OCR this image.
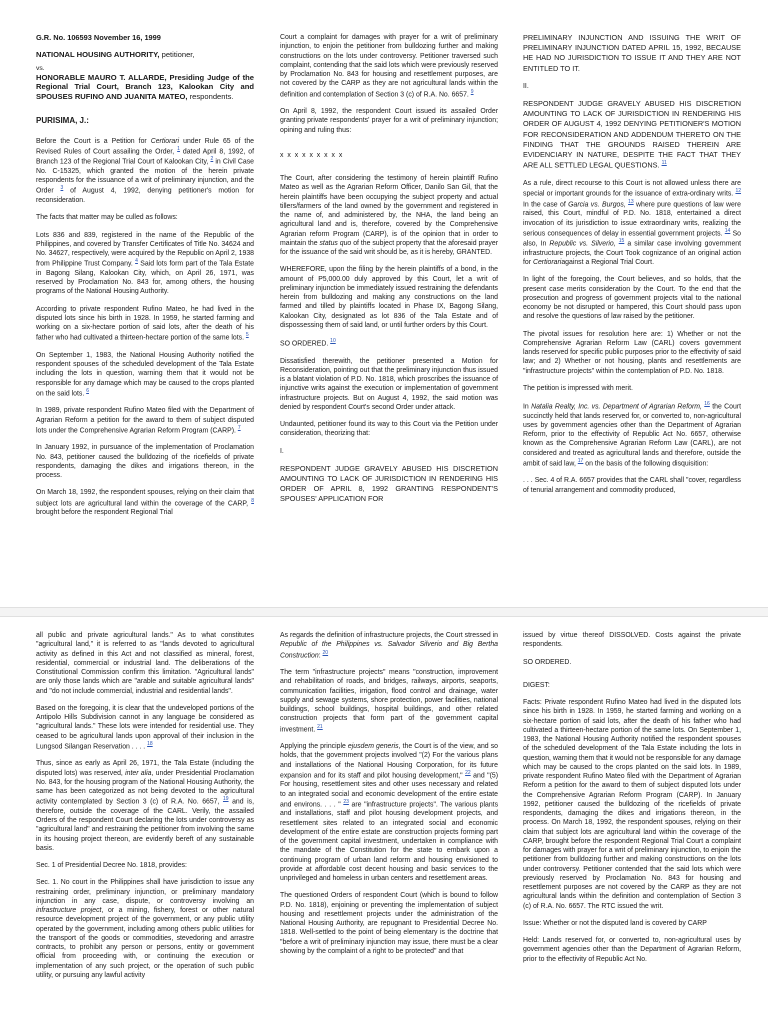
G.R. No. 106593 November 16, 1999

NATIONAL HOUSING AUTHORITY, petitioner,

vs.

HONORABLE MAURO T. ALLARDE, Presiding Judge of the Regional Trial Court, Branch 123, Kalookan City and SPOUSES RUFINO AND JUANITA MATEO, respondents.

PURISIMA, J.:

Before the Court is a Petition for Certiorari under Rule 65 of the Revised Rules of Court assailing the Order, $^1$ dated April 8, 1992, of Branch 123 of the Regional Trial Court of Kalookan City, $^2$ in Civil Case No. C-15325, which granted the motion of the herein private respondents for the issuance of a writ of preliminary injunction, and the Order $^3$ of August 4, 1992, denying petitioner's motion for reconsideration.

The facts that matter may be culled as follows:

Lots 836 and 839, registered in the name of the Republic of the Philippines, and covered by Transfer Certificates of Title No. 34624 and No. 34627, respectively, were acquired by the Republic on April 2, 1938 from Philippine Trust Company. $^4$ Said lots form part of the Tala Estate in Bagong Silang, Kalookan City, which, on April 26, 1971, was reserved by Proclamation No. 843 for, among others, the housing programs of the National Housing Authority.

According to private respondent Rufino Mateo, he had lived in the disputed lots since his birth in 1928. In 1959, he started farming and working on a six-hectare portion of said lots, after the death of his father who had cultivated a thirteen-hectare portion of the same lots. $^5$

On September 1, 1983, the National Housing Authority notified the respondent spouses of the scheduled development of the Tala Estate including the lots in question, warning them that it would not be responsible for any damage which may be caused to the crops planted on the said lots. $^6$

In 1989, private respondent Rufino Mateo filed with the Department of Agrarian Reform a petition for the award to them of subject disputed lots under the Comprehensive Agrarian Reform Program (CARP). $^7$

In January 1992, in pursuance of the implementation of Proclamation No. 843, petitioner caused the bulldozing of the ricefields of private respondents, damaging the dikes and irrigations thereon, in the process.

On March 18, 1992, the respondent spouses, relying on their claim that subject lots are agricultural land within the coverage of the CARP, $^8$ brought before the respondent Regional Trial

Court a complaint for damages with prayer for a writ of preliminary injunction, to enjoin the petitioner from bulldozing further and making constructions on the lots under controversy. Petitioner traversed such complaint, contending that the said lots which were previously reserved by Proclamation No. 843 for housing and resettlement purposes, are not covered by the CARP as they are not agricultural lands within the definition and contemplation of Section 3 (c) of R.A. No. 6657. $^9$

On April 8, 1992, the respondent Court issued its assailed Order granting private respondents' prayer for a writ of preliminary injunction; opining and ruling thus:

x x x x x x x x x

The Court, after considering the testimony of herein plaintiff Rufino Mateo as well as the Agrarian Reform Officer, Danilo San Gil, that the herein plaintiffs have been occupying the subject property and actual tillers/farmers of the land owned by the government and registered in the name of, and administered by, the NHA, the land being an agricultural land and is, therefore, covered by the Comprehensive Agrarian reform Program (CARP), is of the opinion that in order to maintain the status quo of the subject property that the aforesaid prayer for the issuance of the said writ should be, as it is hereby, GRANTED.

WHEREFORE, upon the filing by the herein plaintiffs of a bond, in the amount of P5,000.00 duly approved by this Court, let a writ of preliminary injunction be immediately issued restraining the defendants herein from bulldozing and making any constructions on the land farmed and tilled by plaintiffs located in Phase IX, Bagong Silang, Kalookan City, designated as lot 836 of the Tala Estate and of dispossessing them of said land, or until further orders by this Court.

SO ORDERED. $^{10}$

Dissatisfied therewith, the petitioner presented a Motion for Reconsideration, pointing out that the preliminary injunction thus issued is a blatant violation of P.D. No. 1818, which proscribes the issuance of injunctive writs against the execution or implementation of government infrastructure projects. But on August 4, 1992, the said motion was denied by respondent Court's second Order under attack.

Undaunted, petitioner found its way to this Court via the Petition under consideration, theorizing that:

I.

RESPONDENT JUDGE GRAVELY ABUSED HIS DISCRETION AMOUNTING TO LACK OF JURISDICTION IN RENDERING HIS ORDER OF APRIL 8, 1992 GRANTING RESPONDENT'S SPOUSES' APPLICATION FOR

PRELIMINARY INJUNCTION AND ISSUING THE WRIT OF PRELIMINARY INJUNCTION DATED APRIL 15, 1992, BECAUSE HE HAD NO JURISDICTION TO ISSUE IT AND THEY ARE NOT ENTITLED TO IT.

II.

RESPONDENT JUDGE GRAVELY ABUSED HIS DISCRETION AMOUNTING TO LACK OF JURISDICTION IN RENDERING HIS ORDER OF AUGUST 4, 1992 DENYING PETITIONER'S MOTION FOR RECONSIDERATION AND ADDENDUM THERETO ON THE FINDING THAT THE GROUNDS RAISED THEREIN ARE EVIDENCIARY IN NATURE, DESPITE THE FACT THAT THEY ARE ALL SETTLED LEGAL QUESTIONS. $^{11}$

As a rule, direct recourse to this Court is not allowed unless there are special or important grounds for the issuance of extra-ordinary writs. $^{12}$ In the case of Garcia vs. Burgos, $^{13}$ where pure questions of law were raised, this Court, mindful of P.D. No. 1818, entertained a direct invocation of its jurisdiction to issue extraordinary writs, realizing the serious consequences of delay in essential government projects. $^{14}$ So also, In Republic vs. Silverio, $^{15}$ a similar case involving government infrastructure projects, the Court Took cognizance of an original action for Certiorariagainst a Regional Trial Court.

In light of the foregoing, the Court believes, and so holds, that the present case merits consideration by the Court. To the end that the prosecution and progress of government projects vital to the national economy be not disrupted or hampered, this Court should pass upon and resolve the questions of law raised by the petitioner.

The pivotal issues for resolution here are: 1) Whether or not the Comprehensive Agrarian Reform Law (CARL) covers government lands reserved for specific public purposes prior to the effectivity of said law; and 2) Whether or not housing, plants and resettlements are "infrastructure projects" within the contemplation of P.D. No. 1818.

The petition is impressed with merit.

In Natalia Realty, Inc. vs. Department of Agrarian Reform, $^{16}$ the Court succinctly held that lands reserved for, or converted to, non-agricultural uses by government agencies other than the Department of Agrarian Reform, prior to the effectivity of Republic Act No. 6657, otherwise known as the Comprehensive Agrarian Reform Law (CARL), are not considered and treated as agricultural lands and therefore, outside the ambit of said law, $^{17}$ on the basis of the following disquisition:

. . . Sec. 4 of R.A. 6657 provides that the CARL shall "cover, regardless of tenurial arrangement and commodity produced,

all public and private agricultural lands." As to what constitutes "agricultural land," it is referred to as "lands devoted to agricultural activity as defined in this Act and not classified as mineral, forest, residential, commercial or industrial land. The deliberations of the Constitutional Commission confirm this limitation. "Agricultural lands" are only those lands which are "arable and suitable agricultural lands" and "do not include commercial, industrial and residential lands".

Based on the foregoing, it is clear that the undeveloped portions of the Antipolo Hills Subdivision cannot in any language be considered as "agricultural lands." These lots were intended for residential use. They ceased to be agricultural lands upon approval of their inclusion in the Lungsod Silangan Reservation . . . . $^{18}$

Thus, since as early as April 26, 1971, the Tala Estate (including the disputed lots) was reserved, inter alia, under Presidential Proclamation No. 843, for the housing program of the National Housing Authority, the same has been categorized as not being devoted to the agricultural activity contemplated by Section 3 (c) of R.A. No. 6657, $^{19}$ and is, therefore, outside the coverage of the CARL. Verily, the assailed Orders of the respondent Court declaring the lots under controversy as "agricultural land" and restraining the petitioner from involving the same in its housing project thereon, are evidently bereft of any sustainable basis.

Sec. 1 of Presidential Decree No. 1818, provides:

Sec. 1. No court in the Philippines shall have jurisdiction to issue any restraining order, preliminary injunction, or preliminary mandatory injunction in any case, dispute, or controversy involving an infrastructure project, or a mining, fishery, forest or other natural resource development project of the government, or any public utility operated by the government, including among others public utilities for the transport of the goods or commodities, stevedoring and arrastre contracts, to prohibit any person or persons, entity or government official from proceeding with, or continuing the execution or implementation of any such project, or the operation of such public utility, or pursuing any lawful activity

As regards the definition of infrastructure projects, the Court stressed in Republic of the Philippines vs. Salvador Silverio and Big Bertha Construction: $^{20}$

The term "infrastructure projects" means "construction, improvement and rehabilitation of roads, and bridges, railways, airports, seaports, communication facilities, irrigation, flood control and drainage, water supply and sewage systems, shore protection, power facilities, national buildings, school buildings, hospital buildings, and other related construction projects that form part of the government capital investment. $^{21}$

Applying the principle ejusdem generis, the Court is of the view, and so holds, that the government projects involved "(2) For the various plans and installations of the National Housing Corporation, for its future expansion and for its staff and pilot housing development," $^{22}$ and "(5) For housing, resettlement sites and other uses necessary and related to an integrated social and economic development of the entire estate and environs. . . . " $^{23}$ are "infrastructure projects". The various plants and installations, staff and pilot housing development projects, and resettlement sites related to an integrated social and economic development of the entire estate are construction projects forming part of the government capital investment, undertaken in compliance with the mandate of the Constitution for the state to embark upon a continuing program of urban land reform and housing envisioned to provide at affordable cost decent housing and basic services to the unprivileged and homeless in urban centers and resettlement areas.

The questioned Orders of respondent Court (which is bound to follow P.D. No. 1818), enjoining or preventing the implementation of subject housing and resettlement projects under the administration of the National Housing Authority, are repugnant to Presidential Decree No. 1818. Well-settled to the point of being elementary is the doctrine that "before a writ of preliminary injunction may issue, there must be a clear showing by the complaint of a right to be protected" and that

issued by virtue thereof DISSOLVED. Costs against the private respondents.

SO ORDERED.

DIGEST:

Facts: Private respondent Rufino Mateo had lived in the disputed lots since his birth in 1928. In 1959, he started farming and working on a six-hectare portion of said lots, after the death of his father who had cultivated a thirteen-hectare portion of the same lots. On September 1, 1983, the National Housing Authority notified the respondent spouses of the scheduled development of the Tala Estate including the lots in question, warning them that it would not be responsible for any damage which may be caused to the crops planted on the said lots. In 1989, private respondent Rufino Mateo filed with the Department of Agrarian Reform a petition for the award to them of subject disputed lots under the Comprehensive Agrarian Reform Program (CARP). In January 1992, petitioner caused the bulldozing of the ricefields of private respondents, damaging the dikes and irrigations thereon, in the process. On March 18, 1992, the respondent spouses, relying on their claim that subject lots are agricultural land within the coverage of the CARP, brought before the respondent Regional Trial Court a complaint for damages with prayer for a writ of preliminary injunction, to enjoin the petitioner from bulldozing further and making constructions on the lots under controversy. Petitioner contended that the said lots which were previously reserved by Proclamation No. 843 for housing and resettlement purposes are not covered by the CARP as they are not agricultural lands within the definition and contemplation of Section 3 (c) of R.A. No. 6657. The RTC issued the writ.

Issue: Whether or not the disputed land is covered by CARP

Held: Lands reserved for, or converted to, non-agricultural uses by government agencies other than the Department of Agrarian Reform, prior to the effectivity of Republic Act No.
